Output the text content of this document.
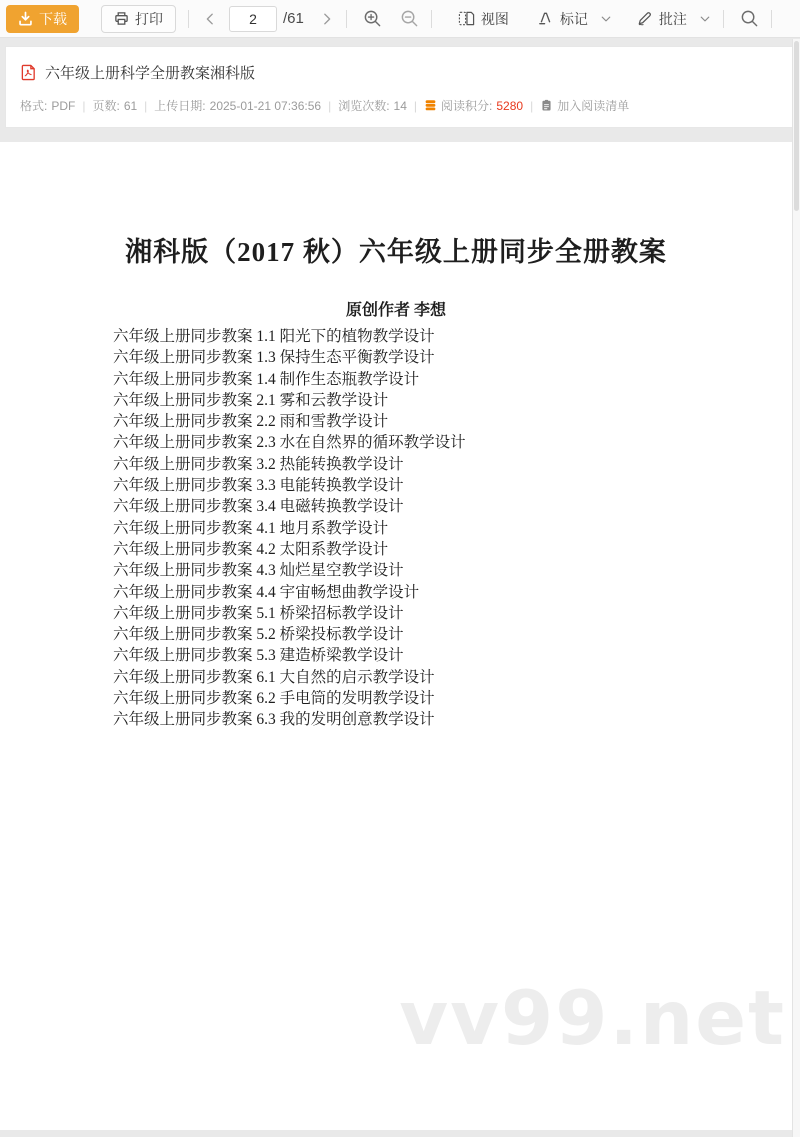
下载	打印
2	/61	视图	标记	批注
六年级上册科学全册教案湘科版
格式: PDF | 页数: 61 | 上传日期: 2025-01-21 07:36:56 | 浏览次数: 14 | 阅读积分: 5280 | 加入阅读清单
湘科版（2017 秋）六年级上册同步全册教案
原创作者 李想
六年级上册同步教案 1.1 阳光下的植物教学设计
六年级上册同步教案 1.3 保持生态平衡教学设计
六年级上册同步教案 1.4 制作生态瓶教学设计
六年级上册同步教案 2.1 雾和云教学设计
六年级上册同步教案 2.2 雨和雪教学设计
六年级上册同步教案 2.3 水在自然界的循环教学设计
六年级上册同步教案 3.2 热能转换教学设计
六年级上册同步教案 3.3 电能转换教学设计
六年级上册同步教案 3.4 电磁转换教学设计
六年级上册同步教案 4.1 地月系教学设计
六年级上册同步教案 4.2 太阳系教学设计
六年级上册同步教案 4.3 灿烂星空教学设计
六年级上册同步教案 4.4 宇宙畅想曲教学设计
六年级上册同步教案 5.1 桥梁招标教学设计
六年级上册同步教案 5.2 桥梁投标教学设计
六年级上册同步教案 5.3 建造桥梁教学设计
六年级上册同步教案 6.1 大自然的启示教学设计
六年级上册同步教案 6.2 手电筒的发明教学设计
六年级上册同步教案 6.3 我的发明创意教学设计
vv99.net
